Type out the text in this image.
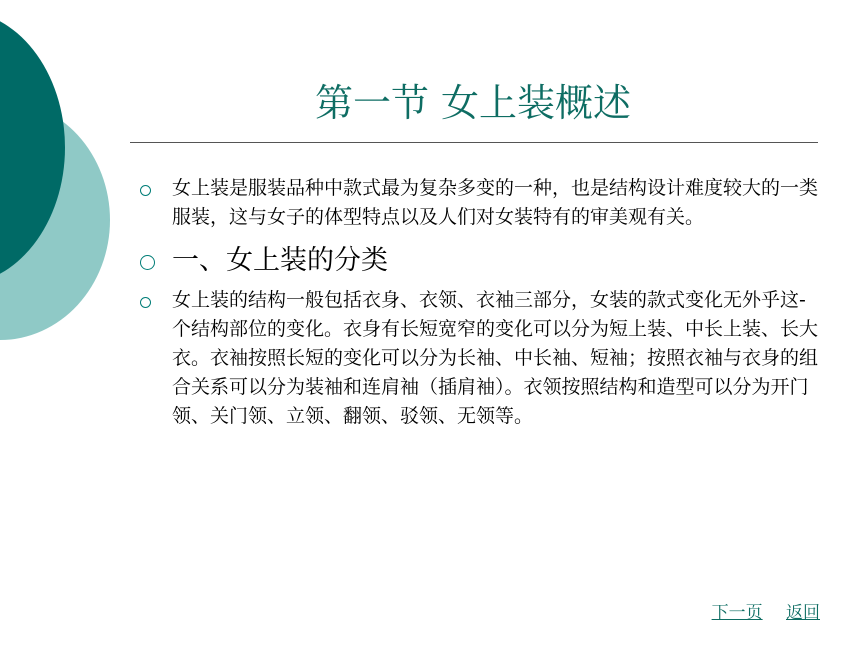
第一节 女上装概述
女上装是服装品种中款式最为复杂多变的一种，也是结构设计难度较大的一类服装，这与女子的体型特点以及人们对女装特有的审美观有关。
一、女上装的分类
女上装的结构一般包括衣身、衣领、衣袖三部分，女装的款式变化无外乎这-个结构部位的变化。衣身有长短宽窄的变化可以分为短上装、中长上装、长大衣。衣袖按照长短的变化可以分为长袖、中长袖、短袖；按照衣袖与衣身的组合关系可以分为装袖和连肩袖（插肩袖）。衣领按照结构和造型可以分为开门领、关门领、立领、翻领、驳领、无领等。
下一页 返回
